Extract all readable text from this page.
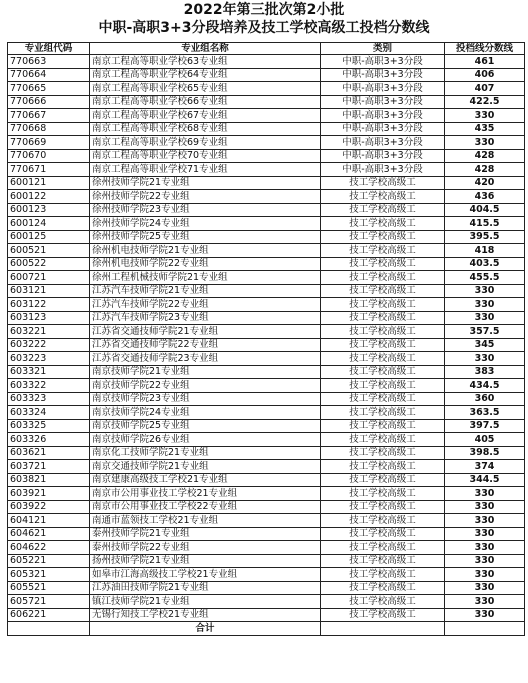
2022年第三批次第2小批
中职-高职3+3分段培养及技工学校高级工投档分数线
专业组代码	专业组名称	类别	投档线分数线
770663	南京工程高等职业学校63专业组	中职-高职3+3分段	461
770664	南京工程高等职业学校64专业组	中职-高职3+3分段	406
770665	南京工程高等职业学校65专业组	中职-高职3+3分段	407
770666	南京工程高等职业学校66专业组	中职-高职3+3分段	422.5
770667	南京工程高等职业学校67专业组	中职-高职3+3分段	330
770668	南京工程高等职业学校68专业组	中职-高职3+3分段	435
770669	南京工程高等职业学校69专业组	中职-高职3+3分段	330
770670	南京工程高等职业学校70专业组	中职-高职3+3分段	428
770671	南京工程高等职业学校71专业组	中职-高职3+3分段	428
600121	徐州技师学院21专业组	技工学校高级工	420
600122	徐州技师学院22专业组	技工学校高级工	436
600123	徐州技师学院23专业组	技工学校高级工	404.5
600124	徐州技师学院24专业组	技工学校高级工	415.5
600125	徐州技师学院25专业组	技工学校高级工	395.5
600521	徐州机电技师学院21专业组	技工学校高级工	418
600522	徐州机电技师学院22专业组	技工学校高级工	403.5
600721	徐州工程机械技师学院21专业组	技工学校高级工	455.5
603121	江苏汽车技师学院21专业组	技工学校高级工	330
603122	江苏汽车技师学院22专业组	技工学校高级工	330
603123	江苏汽车技师学院23专业组	技工学校高级工	330
603221	江苏省交通技师学院21专业组	技工学校高级工	357.5
603222	江苏省交通技师学院22专业组	技工学校高级工	345
603223	江苏省交通技师学院23专业组	技工学校高级工	330
603321	南京技师学院21专业组	技工学校高级工	383
603322	南京技师学院22专业组	技工学校高级工	434.5
603323	南京技师学院23专业组	技工学校高级工	360
603324	南京技师学院24专业组	技工学校高级工	363.5
603325	南京技师学院25专业组	技工学校高级工	397.5
603326	南京技师学院26专业组	技工学校高级工	405
603621	南京化工技师学院21专业组	技工学校高级工	398.5
603721	南京交通技师学院21专业组	技工学校高级工	374
603821	南京建康高级技工学校21专业组	技工学校高级工	344.5
603921	南京市公用事业技工学校21专业组	技工学校高级工	330
603922	南京市公用事业技工学校22专业组	技工学校高级工	330
604121	南通市蓝领技工学校21专业组	技工学校高级工	330
604621	泰州技师学院21专业组	技工学校高级工	330
604622	泰州技师学院22专业组	技工学校高级工	330
605221	扬州技师学院21专业组	技工学校高级工	330
605321	如皋市江海高级技工学校21专业组	技工学校高级工	330
605521	江苏油田技师学院21专业组	技工学校高级工	330
605721	镇江技师学院21专业组	技工学校高级工	330
606221	无锡行知技工学校21专业组	技工学校高级工	330
	合计		
